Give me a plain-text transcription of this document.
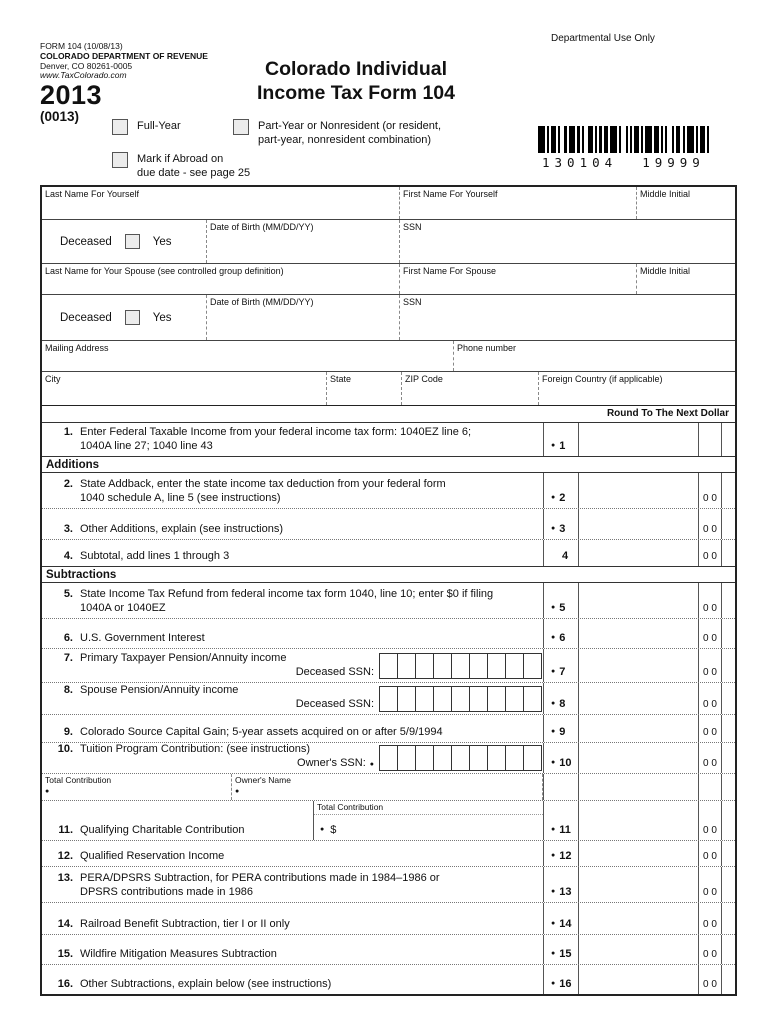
Departmental Use Only
FORM 104 (10/08/13)
COLORADO DEPARTMENT OF REVENUE
Denver, CO 80261-0005
www.TaxColorado.com
2013
(0013)
Colorado Individual
Income Tax Form 104
Full-Year	Part-Year or Nonresident (or resident,
part-year, nonresident combination)
Mark if Abroad on
due date - see page 25
130104  19999
Last Name For Yourself	First Name For Yourself	Middle Initial
Deceased	Yes
Date of Birth (MM/DD/YY)	SSN
Last Name for Your Spouse (see controlled group definition)	First Name For Spouse	Middle Initial
Deceased	Yes
Date of Birth (MM/DD/YY)	SSN
Mailing Address	Phone number
City	State	ZIP Code	Foreign Country (if applicable)
Round To The Next Dollar
1. Enter Federal Taxable Income from your federal income tax form: 1040EZ line 6;
1040A line 27; 1040 line 43	● 1
Additions
2. State Addback, enter the state income tax deduction from your federal form
1040 schedule A, line 5 (see instructions)	● 2	0 0
3. Other Additions, explain (see instructions)	● 3	0 0
4. Subtotal, add lines 1 through 3	4	0 0
Subtractions
5. State Income Tax Refund from federal income tax form 1040, line 10; enter $0 if filing
1040A or 1040EZ	● 5	0 0
6. U.S. Government Interest	● 6	0 0
7. Primary Taxpayer Pension/Annuity income
Deceased SSN:	● 7	0 0
8. Spouse Pension/Annuity income
Deceased SSN:	● 8	0 0
9. Colorado Source Capital Gain; 5-year assets acquired on or after 5/9/1994	● 9	0 0
10. Tuition Program Contribution: (see instructions)
Owner's SSN: ●	● 10	0 0
Total Contribution
●
Owner's Name
●
11. Qualifying Charitable Contribution
Total Contribution
● $	● 11	0 0
12. Qualified Reservation Income	● 12	0 0
13. PERA/DPSRS Subtraction, for PERA contributions made in 1984–1986 or
DPSRS contributions made in 1986	● 13	0 0
14. Railroad Benefit Subtraction, tier I or II only	● 14	0 0
15. Wildfire Mitigation Measures Subtraction	● 15	0 0
16. Other Subtractions, explain below (see instructions)	● 16	0 0
